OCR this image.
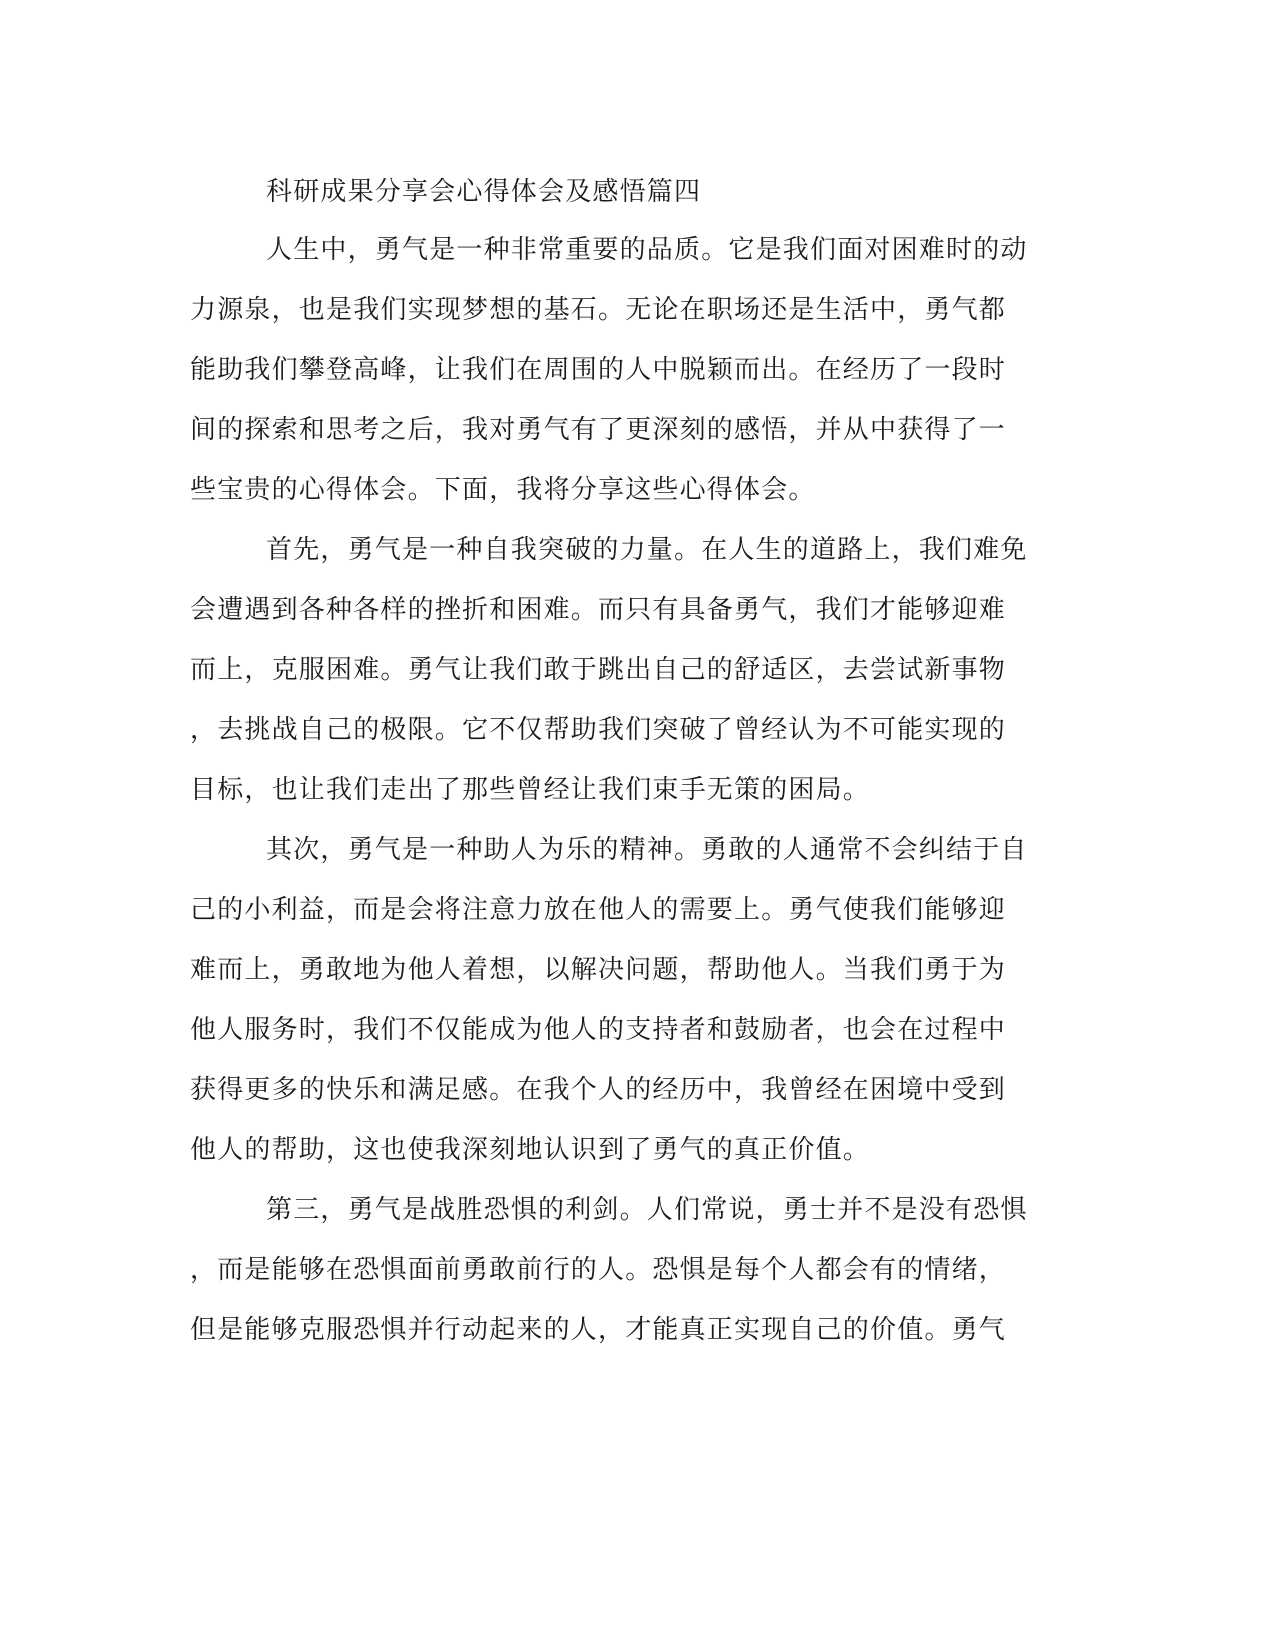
科研成果分享会心得体会及感悟篇四
人生中，勇气是一种非常重要的品质。它是我们面对困难时的动
力源泉，也是我们实现梦想的基石。无论在职场还是生活中，勇气都
能助我们攀登高峰，让我们在周围的人中脱颖而出。在经历了一段时
间的探索和思考之后，我对勇气有了更深刻的感悟，并从中获得了一
些宝贵的心得体会。下面，我将分享这些心得体会。
首先，勇气是一种自我突破的力量。在人生的道路上，我们难免
会遭遇到各种各样的挫折和困难。而只有具备勇气，我们才能够迎难
而上，克服困难。勇气让我们敢于跳出自己的舒适区，去尝试新事物
，去挑战自己的极限。它不仅帮助我们突破了曾经认为不可能实现的
目标，也让我们走出了那些曾经让我们束手无策的困局。
其次，勇气是一种助人为乐的精神。勇敢的人通常不会纠结于自
己的小利益，而是会将注意力放在他人的需要上。勇气使我们能够迎
难而上，勇敢地为他人着想，以解决问题，帮助他人。当我们勇于为
他人服务时，我们不仅能成为他人的支持者和鼓励者，也会在过程中
获得更多的快乐和满足感。在我个人的经历中，我曾经在困境中受到
他人的帮助，这也使我深刻地认识到了勇气的真正价值。
第三，勇气是战胜恐惧的利剑。人们常说，勇士并不是没有恐惧
，而是能够在恐惧面前勇敢前行的人。恐惧是每个人都会有的情绪，
但是能够克服恐惧并行动起来的人，才能真正实现自己的价值。勇气
